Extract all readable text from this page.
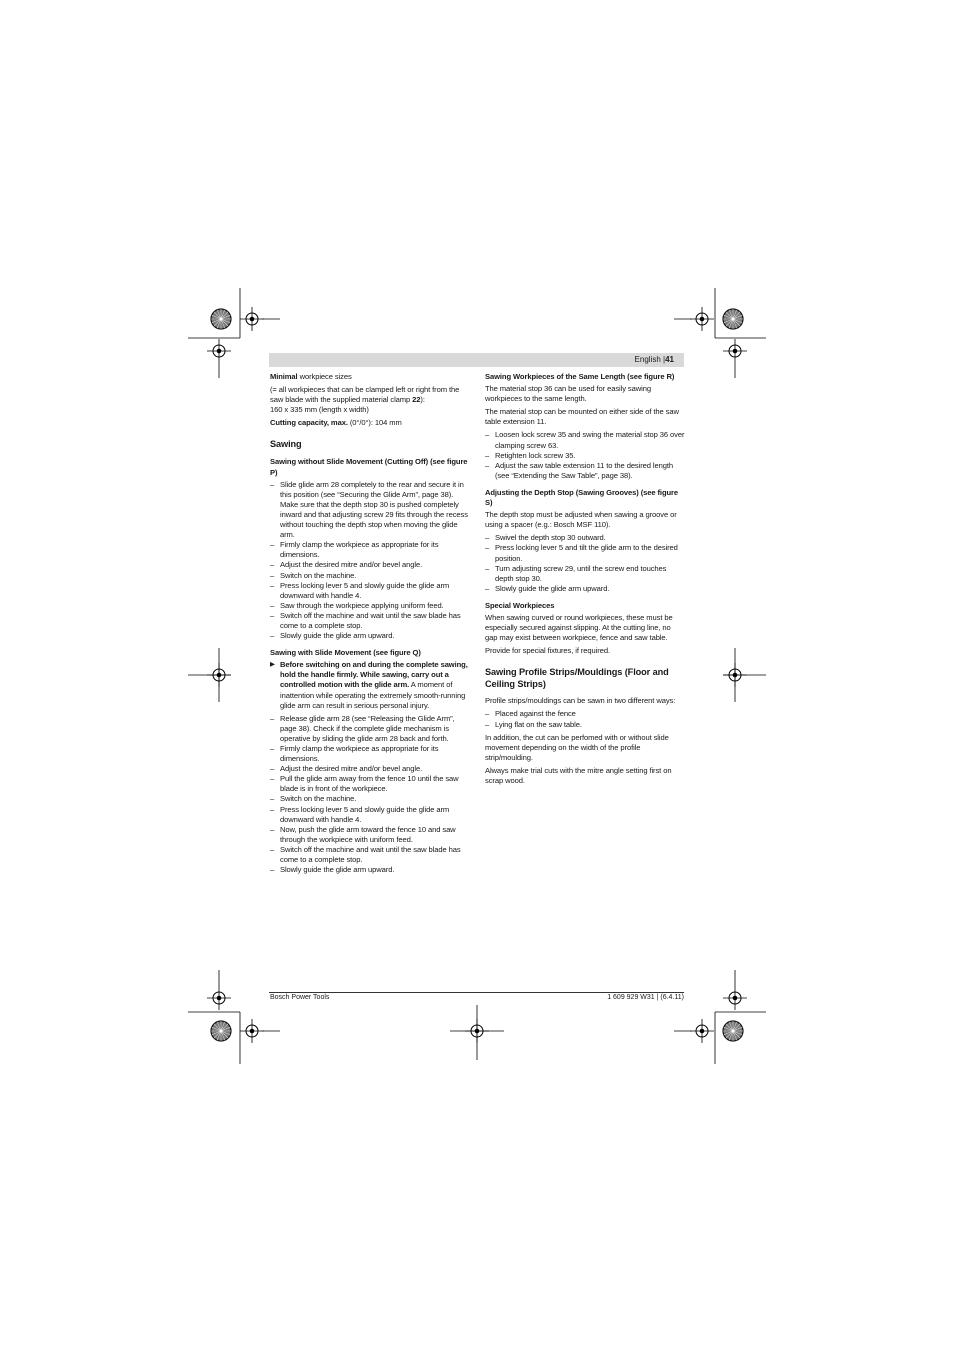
English |41

Minimal workpiece sizes

(= all workpieces that can be clamped left or right from the saw blade with the supplied material clamp 22):

160 x 335 mm (length x width)

Cutting capacity, max. (0°/0°): 104 mm

Sawing
Sawing without Slide Movement (Cutting Off) (see figure P)
– Slide glide arm 28 completely to the rear and secure it in this position (see “Securing the Glide Arm”, page 38). Make sure that the depth stop 30 is pushed completely inward and that adjusting screw 29 fits through the recess without touching the depth stop when moving the glide arm.
– Firmly clamp the workpiece as appropriate for its dimensions.
– Adjust the desired mitre and/or bevel angle.
– Switch on the machine.
– Press locking lever 5 and slowly guide the glide arm downward with handle 4.
– Saw through the workpiece applying uniform feed.
– Switch off the machine and wait until the saw blade has come to a complete stop.
– Slowly guide the glide arm upward.
Sawing with Slide Movement (see figure Q)
▶ Before switching on and during the complete sawing, hold the handle firmly. While sawing, carry out a controlled motion with the glide arm. A moment of inattention while operating the extremely smooth-running glide arm can result in serious personal injury.
– Release glide arm 28 (see “Releasing the Glide Arm”, page 38). Check if the complete glide mechanism is operative by sliding the glide arm 28 back and forth.
– Firmly clamp the workpiece as appropriate for its dimensions.
– Adjust the desired mitre and/or bevel angle.
– Pull the glide arm away from the fence 10 until the saw blade is in front of the workpiece.
– Switch on the machine.
– Press locking lever 5 and slowly guide the glide arm downward with handle 4.
– Now, push the glide arm toward the fence 10 and saw through the workpiece with uniform feed.
– Switch off the machine and wait until the saw blade has come to a complete stop.
– Slowly guide the glide arm upward.
Sawing Workpieces of the Same Length (see figure R)

The material stop 36 can be used for easily sawing workpieces to the same length.

The material stop can be mounted on either side of the saw table extension 11.

– Loosen lock screw 35 and swing the material stop 36 over clamping screw 63.
– Retighten lock screw 35.
– Adjust the saw table extension 11 to the desired length (see “Extending the Saw Table”, page 38).
Adjusting the Depth Stop (Sawing Grooves) (see figure S)

The depth stop must be adjusted when sawing a groove or using a spacer (e.g.: Bosch MSF 110).

– Swivel the depth stop 30 outward.
– Press locking lever 5 and tilt the glide arm to the desired position.
– Turn adjusting screw 29, until the screw end touches depth stop 30.
– Slowly guide the glide arm upward.
Special Workpieces

When sawing curved or round workpieces, these must be especially secured against slipping. At the cutting line, no gap may exist between workpiece, fence and saw table.

Provide for special fixtures, if required.

Sawing Profile Strips/Mouldings (Floor and Ceiling Strips)

Profile strips/mouldings can be sawn in two different ways:

– Placed against the fence
– Lying flat on the saw table.

In addition, the cut can be perfomed with or without slide movement depending on the width of the profile strip/moulding.

Always make trial cuts with the mitre angle setting first on scrap wood.

Bosch Power Tools	1 609 929 W31 | (6.4.11)
